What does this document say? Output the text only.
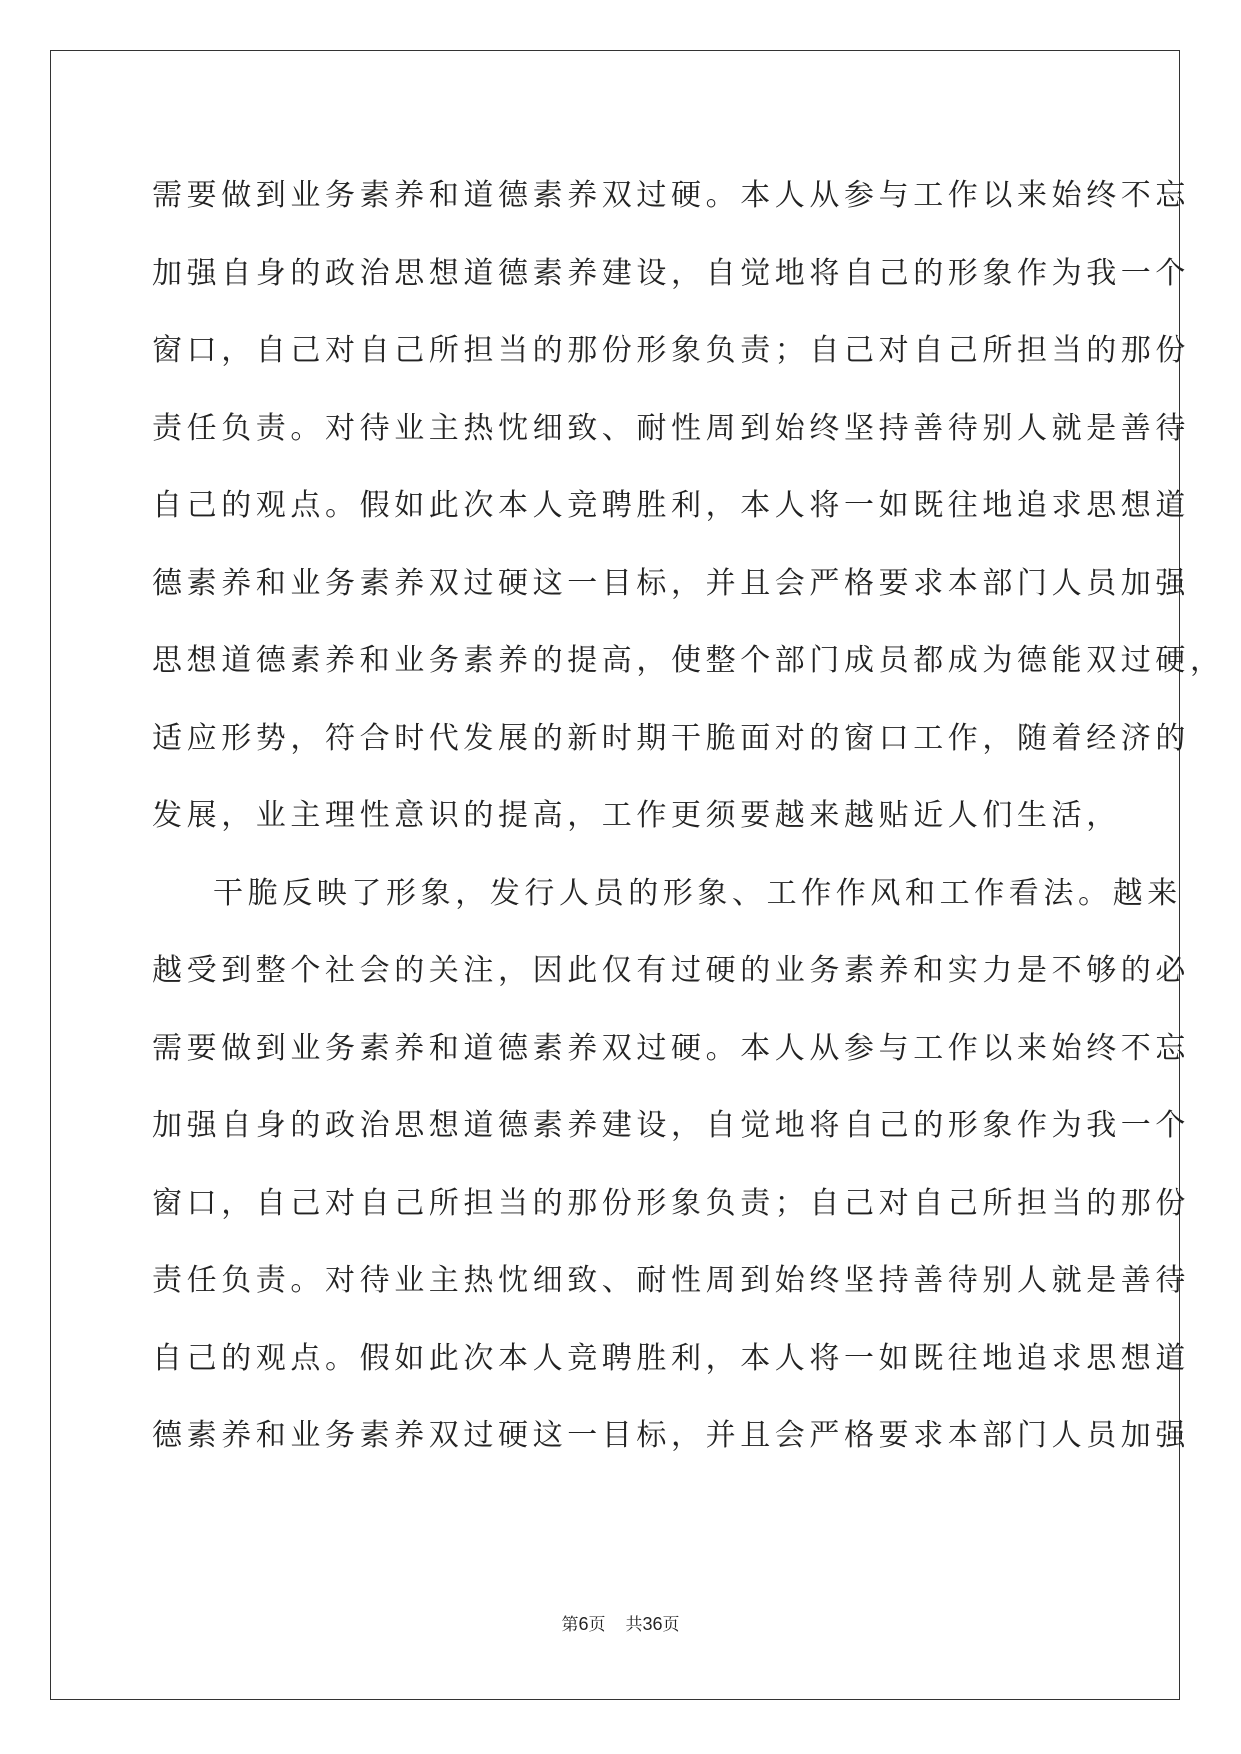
需要做到业务素养和道德素养双过硬。本人从参与工作以来始终不忘

加强自身的政治思想道德素养建设，自觉地将自己的形象作为我一个

窗口，自己对自己所担当的那份形象负责；自己对自己所担当的那份

责任负责。对待业主热忱细致、耐性周到始终坚持善待别人就是善待

自己的观点。假如此次本人竞聘胜利，本人将一如既往地追求思想道

德素养和业务素养双过硬这一目标，并且会严格要求本部门人员加强

思想道德素养和业务素养的提高，使整个部门成员都成为德能双过硬，

适应形势，符合时代发展的新时期干脆面对的窗口工作，随着经济的

发展，业主理性意识的提高，工作更须要越来越贴近人们生活，

干脆反映了形象，发行人员的形象、工作作风和工作看法。越来

越受到整个社会的关注，因此仅有过硬的业务素养和实力是不够的必

需要做到业务素养和道德素养双过硬。本人从参与工作以来始终不忘

加强自身的政治思想道德素养建设，自觉地将自己的形象作为我一个

窗口，自己对自己所担当的那份形象负责；自己对自己所担当的那份

责任负责。对待业主热忱细致、耐性周到始终坚持善待别人就是善待

自己的观点。假如此次本人竞聘胜利，本人将一如既往地追求思想道

德素养和业务素养双过硬这一目标，并且会严格要求本部门人员加强

第6页 共36页
